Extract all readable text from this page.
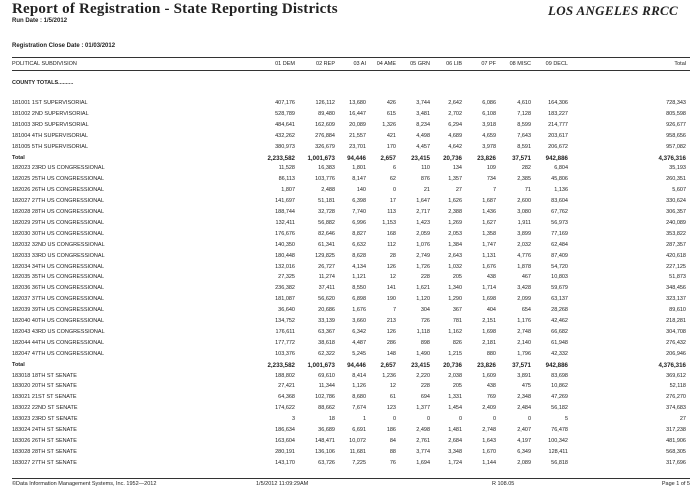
Report of Registration - State Reporting Districts
Run Date : 1/5/2012
LOS ANGELES RRCC
Registration Close Date : 01/03/2012
POLITICAL SUBDIVISION	01 DEM	02 REP	03 AI	04 AME	05 GRN	06 LIB	07 PF	08 MISC	09 DECL	Total
COUNTY TOTALS..........
181001 1ST SUPERVISORIAL	407,176	126,112	13,680	426	3,744	2,642	6,086	4,610	164,306	728,343
181002 2ND SUPERVISORIAL	528,789	89,480	16,447	615	3,481	2,702	6,108	7,128	183,227	805,598
181003 3RD SUPERVISORIAL	484,641	162,609	20,089	1,326	8,234	6,294	3,918	8,599	214,777	926,677
181004 4TH SUPERVISORIAL	432,262	276,884	21,557	421	4,498	4,689	4,659	7,643	203,617	958,656
181005 5TH SUPERVISORIAL	380,973	326,679	23,701	170	4,457	4,642	3,978	8,591	206,672	957,082
Total	2,233,582	1,001,673	94,446	2,657	23,415	20,736	23,826	37,571	942,886	4,376,316
182023 23RD US CONGRESSIONAL	11,528	16,383	1,801	6	110	134	109	282	6,804	35,193
182025 25TH US CONGRESSIONAL	86,113	103,776	8,147	62	876	1,357	734	2,385	45,806	260,351
182026 26TH US CONGRESSIONAL	1,807	2,488	140	0	21	27	7	71	1,136	5,607
182027 27TH US CONGRESSIONAL	141,697	51,181	6,398	17	1,647	1,626	1,687	2,600	83,604	330,624
182028 28TH US CONGRESSIONAL	188,744	32,728	7,740	113	2,717	2,388	1,436	3,080	67,762	306,357
182029 29TH US CONGRESSIONAL	132,411	56,882	6,996	1,153	1,423	1,269	1,627	1,911	56,973	240,089
182030 30TH US CONGRESSIONAL	176,676	82,646	8,827	168	2,059	2,053	1,358	3,899	77,169	353,822
182032 32ND US CONGRESSIONAL	140,350	61,341	6,632	112	1,076	1,384	1,747	2,032	62,484	287,357
182033 33RD US CONGRESSIONAL	180,448	129,825	8,628	28	2,749	2,643	1,131	4,776	87,409	420,618
182034 34TH US CONGRESSIONAL	132,016	26,727	4,134	126	1,726	1,032	1,676	1,878	54,720	227,125
182035 35TH US CONGRESSIONAL	27,325	11,274	1,121	12	228	205	438	467	10,803	51,873
182036 36TH US CONGRESSIONAL	236,382	37,411	8,550	141	1,621	1,340	1,714	3,428	59,679	348,456
182037 37TH US CONGRESSIONAL	181,087	56,620	6,898	190	1,120	1,290	1,698	2,099	63,137	323,137
182039 39TH US CONGRESSIONAL	36,640	20,686	1,676	7	304	367	404	654	28,268	89,610
182040 40TH US CONGRESSIONAL	134,752	33,139	3,660	213	726	781	2,151	1,176	42,462	218,281
182043 43RD US CONGRESSIONAL	176,611	63,367	6,342	126	1,118	1,162	1,698	2,748	66,682	304,708
182044 44TH US CONGRESSIONAL	177,772	38,618	4,487	286	898	826	2,181	2,140	61,948	276,432
182047 47TH US CONGRESSIONAL	103,376	62,322	5,245	148	1,490	1,215	880	1,796	42,332	206,946
Total	2,233,582	1,001,673	94,446	2,657	23,415	20,736	23,826	37,571	942,886	4,376,316
183018 18TH ST SENATE	188,802	69,610	8,414	1,236	2,220	2,038	1,609	3,891	83,698	369,612
183020 20TH ST SENATE	27,421	11,344	1,126	12	228	205	438	475	10,862	52,118
183021 21ST ST SENATE	64,368	102,786	8,680	61	694	1,331	769	2,348	47,269	276,270
183022 22ND ST SENATE	174,622	88,662	7,674	123	1,377	1,454	2,409	2,484	56,182	374,683
183023 23RD ST SENATE	3	18	1	0	0	0	0	0	5	27
183024 24TH ST SENATE	186,634	36,689	6,691	186	2,498	1,481	2,748	2,407	76,478	317,238
183026 26TH ST SENATE	163,604	148,471	10,072	84	2,761	2,684	1,643	4,197	100,342	481,906
183028 28TH ST SENATE	280,191	136,106	11,681	88	3,774	3,348	1,670	6,349	128,411	568,305
183027 27TH ST SENATE	143,170	63,726	7,225	76	1,694	1,724	1,144	2,089	56,818	317,696
©Data Information Management Systems, Inc. 1952—2012	1/5/2012 11:09:29AM	R 108.05	Page 1 of 5
